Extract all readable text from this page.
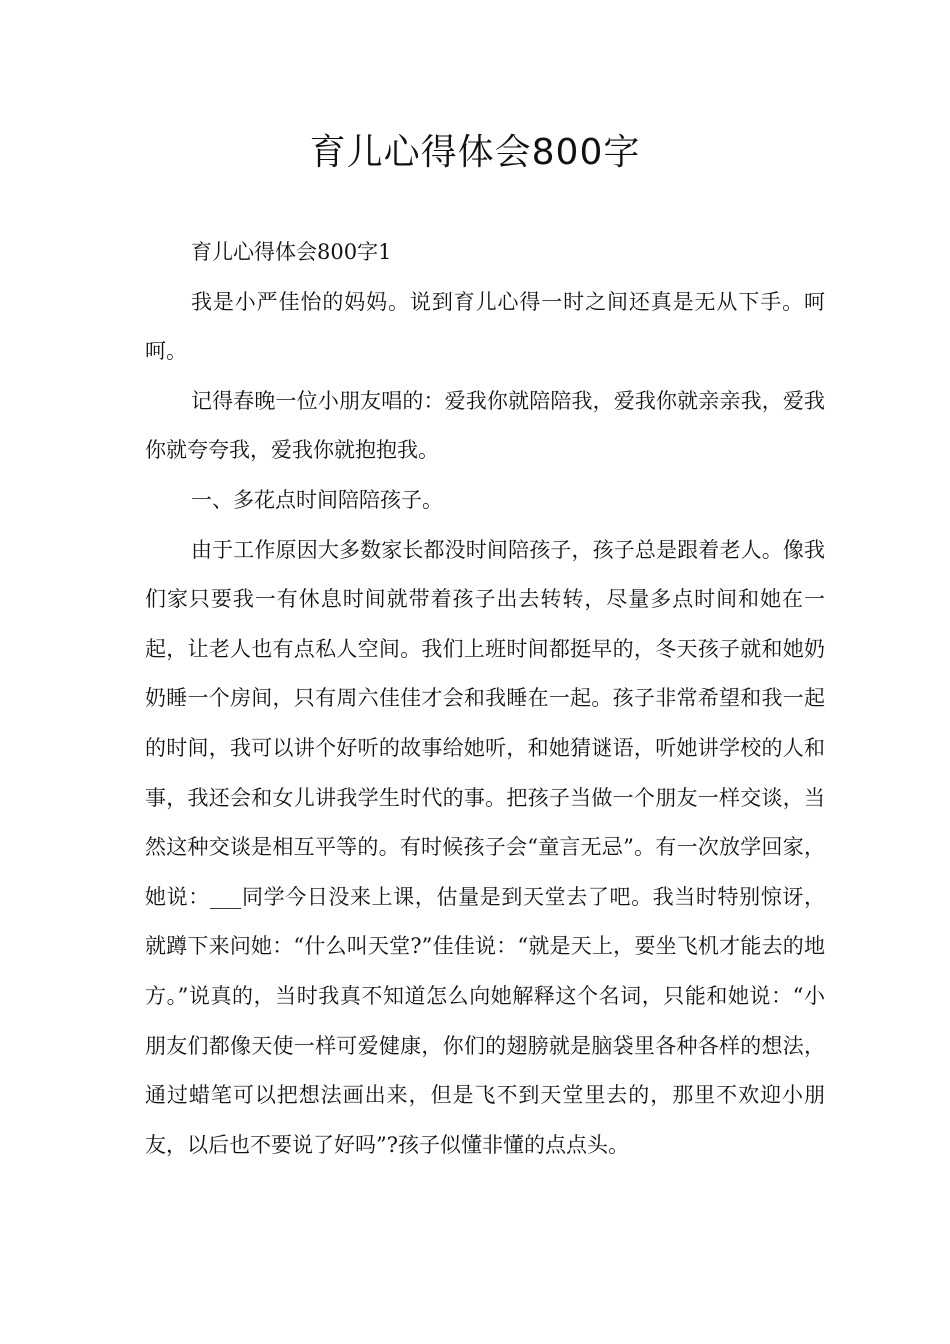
育儿心得体会800字

育儿心得体会800字1

我是小严佳怡的妈妈。说到育儿心得一时之间还真是无从下手。呵呵。

记得春晚一位小朋友唱的：爱我你就陪陪我，爱我你就亲亲我，爱我你就夸夸我，爱我你就抱抱我。

一、多花点时间陪陪孩子。

由于工作原因大多数家长都没时间陪孩子，孩子总是跟着老人。像我们家只要我一有休息时间就带着孩子出去转转，尽量多点时间和她在一起，让老人也有点私人空间。我们上班时间都挺早的，冬天孩子就和她奶奶睡一个房间，只有周六佳佳才会和我睡在一起。孩子非常希望和我一起的时间，我可以讲个好听的故事给她听，和她猜谜语，听她讲学校的人和事，我还会和女儿讲我学生时代的事。把孩子当做一个朋友一样交谈，当然这种交谈是相互平等的。有时候孩子会“童言无忌”。有一次放学回家，她说：___同学今日没来上课，估量是到天堂去了吧。我当时特别惊讶，就蹲下来问她：“什么叫天堂?”佳佳说：“就是天上，要坐飞机才能去的地方。”说真的，当时我真不知道怎么向她解释这个名词，只能和她说：“小朋友们都像天使一样可爱健康，你们的翅膀就是脑袋里各种各样的想法，通过蜡笔可以把想法画出来，但是飞不到天堂里去的，那里不欢迎小朋友，以后也不要说了好吗”?孩子似懂非懂的点点头。
